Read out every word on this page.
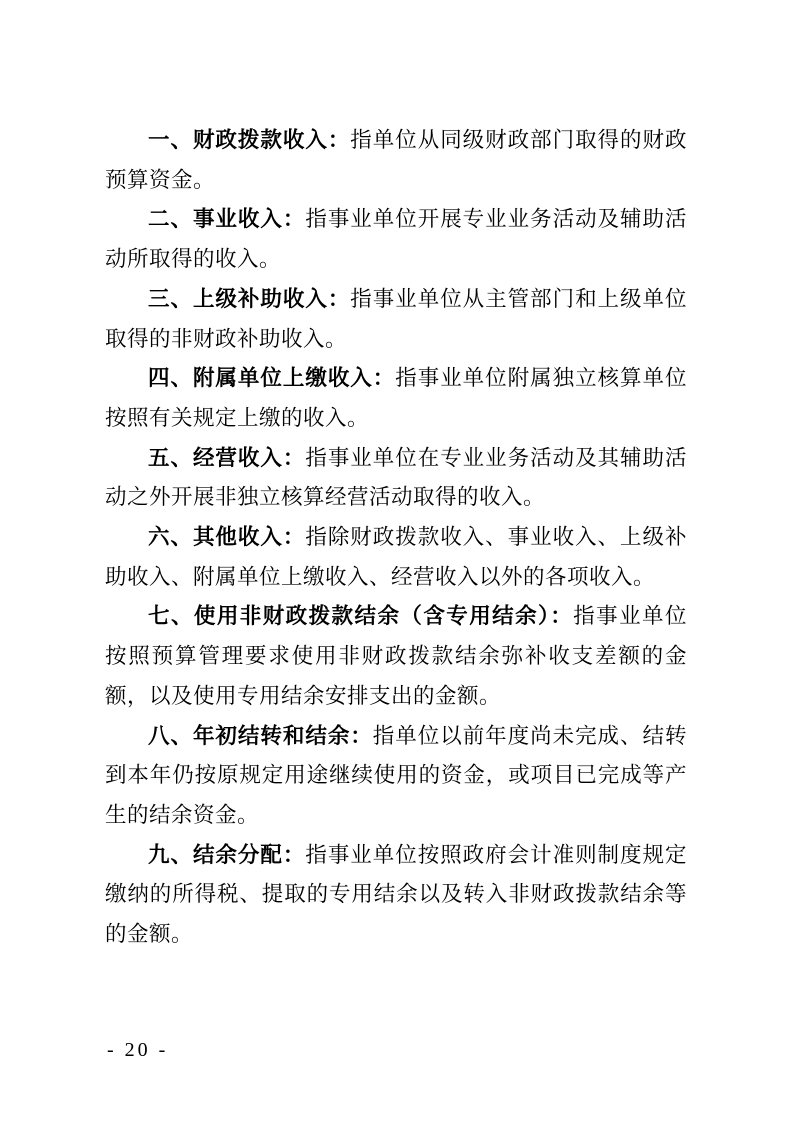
一、财政拨款收入：指单位从同级财政部门取得的财政预算资金。

二、事业收入：指事业单位开展专业业务活动及辅助活动所取得的收入。

三、上级补助收入：指事业单位从主管部门和上级单位取得的非财政补助收入。

四、附属单位上缴收入：指事业单位附属独立核算单位按照有关规定上缴的收入。

五、经营收入：指事业单位在专业业务活动及其辅助活动之外开展非独立核算经营活动取得的收入。

六、其他收入：指除财政拨款收入、事业收入、上级补助收入、附属单位上缴收入、经营收入以外的各项收入。

七、使用非财政拨款结余（含专用结余）：指事业单位按照预算管理要求使用非财政拨款结余弥补收支差额的金额，以及使用专用结余安排支出的金额。

八、年初结转和结余：指单位以前年度尚未完成、结转到本年仍按原规定用途继续使用的资金，或项目已完成等产生的结余资金。

九、结余分配：指事业单位按照政府会计准则制度规定缴纳的所得税、提取的专用结余以及转入非财政拨款结余等的金额。

- 20 -
